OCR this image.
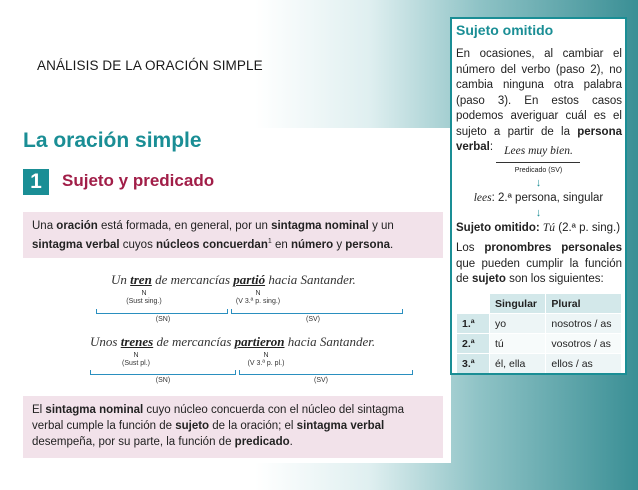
ANÁLISIS DE LA ORACIÓN SIMPLE
La oración simple
1	Sujeto y predicado
Una oración está formada, en general, por un sintagma nominal y un sintagma verbal cuyos núcleos concuerdan$^1$ en número y persona.
Un tren de mercancías partió hacia Santander.
N
(Sust sing.)
N
(V 3.ª p. sing.)
(SN)	(SV)
Unos trenes de mercancías partieron hacia Santander.
N
(Sust pl.)
N
(V 3.ª p. pl.)
(SN)	(SV)
El sintagma nominal cuyo núcleo concuerda con el núcleo del sintagma verbal cumple la función de sujeto de la oración; el sintagma verbal desempeña, por su parte, la función de predicado.
Sujeto omitido
En ocasiones, al cambiar el número del verbo (paso 2), no cambia ninguna otra palabra (paso 3). En estos casos podemos averiguar cuál es el sujeto a partir de la persona verbal: Lees muy bien.
Predicado (SV)
↓
lees: 2.ª persona, singular
↓
Sujeto omitido: Tú (2.ª p. sing.)
Los pronombres personales que pueden cumplir la función de sujeto son los siguientes:
	Singular	Plural
1.ª	yo	nosotros / as
2.ª	tú	vosotros / as
3.ª	él, ella	ellos / as
